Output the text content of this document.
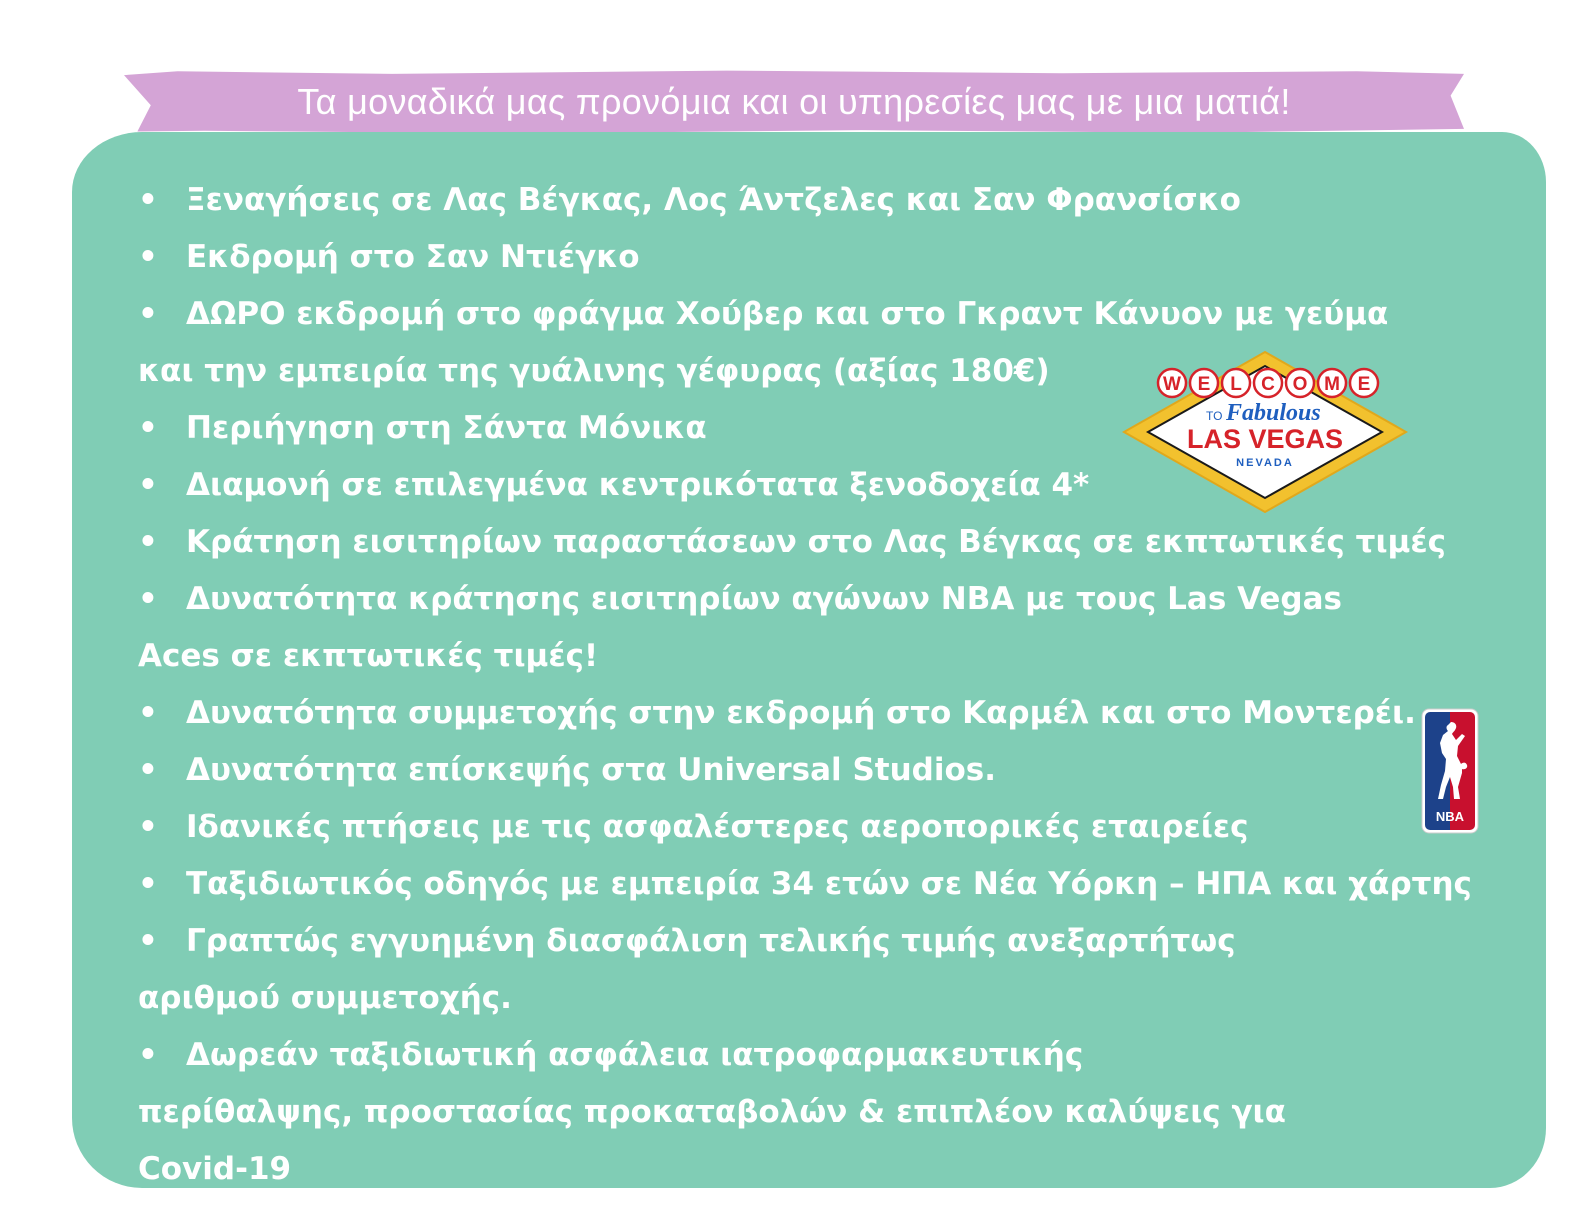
Τα μοναδικά μας προνόμια και οι υπηρεσίες μας με μια ματιά!
• Ξεναγήσεις σε Λας Βέγκας, Λος Άντζελες και Σαν Φρανσίσκο
• Εκδρομή στο Σαν Ντιέγκο
• ΔΩΡΟ εκδρομή στο φράγμα Χούβερ και στο Γκραντ Κάνυον με γεύμα και την εμπειρία της γυάλινης γέφυρας (αξίας 180€)
• Περιήγηση στη Σάντα Μόνικα
• Διαμονή σε επιλεγμένα κεντρικότατα ξενοδοχεία 4*
• Κράτηση εισιτηρίων παραστάσεων στο Λας Βέγκας σε εκπτωτικές τιμές
• Δυνατότητα κράτησης εισιτηρίων αγώνων NBA με τους Las Vegas Aces σε εκπτωτικές τιμές!
• Δυνατότητα συμμετοχής στην εκδρομή στο Καρμέλ και στο Μοντερέι.
• Δυνατότητα επίσκεψής στα Universal Studios.
• Ιδανικές πτήσεις με τις ασφαλέστερες αεροπορικές εταιρείες
• Ταξιδιωτικός οδηγός με εμπειρία 34 ετών σε Νέα Υόρκη – ΗΠΑ και χάρτης
• Γραπτώς εγγυημένη διασφάλιση τελικής τιμής ανεξαρτήτως αριθμού συμμετοχής.
• Δωρεάν ταξιδιωτική ασφάλεια ιατροφαρμακευτικής περίθαλψης, προστασίας προκαταβολών & επιπλέον καλύψεις για Covid-19
W E L C O M E
TO Fabulous
LAS VEGAS
NEVADA
NBA
